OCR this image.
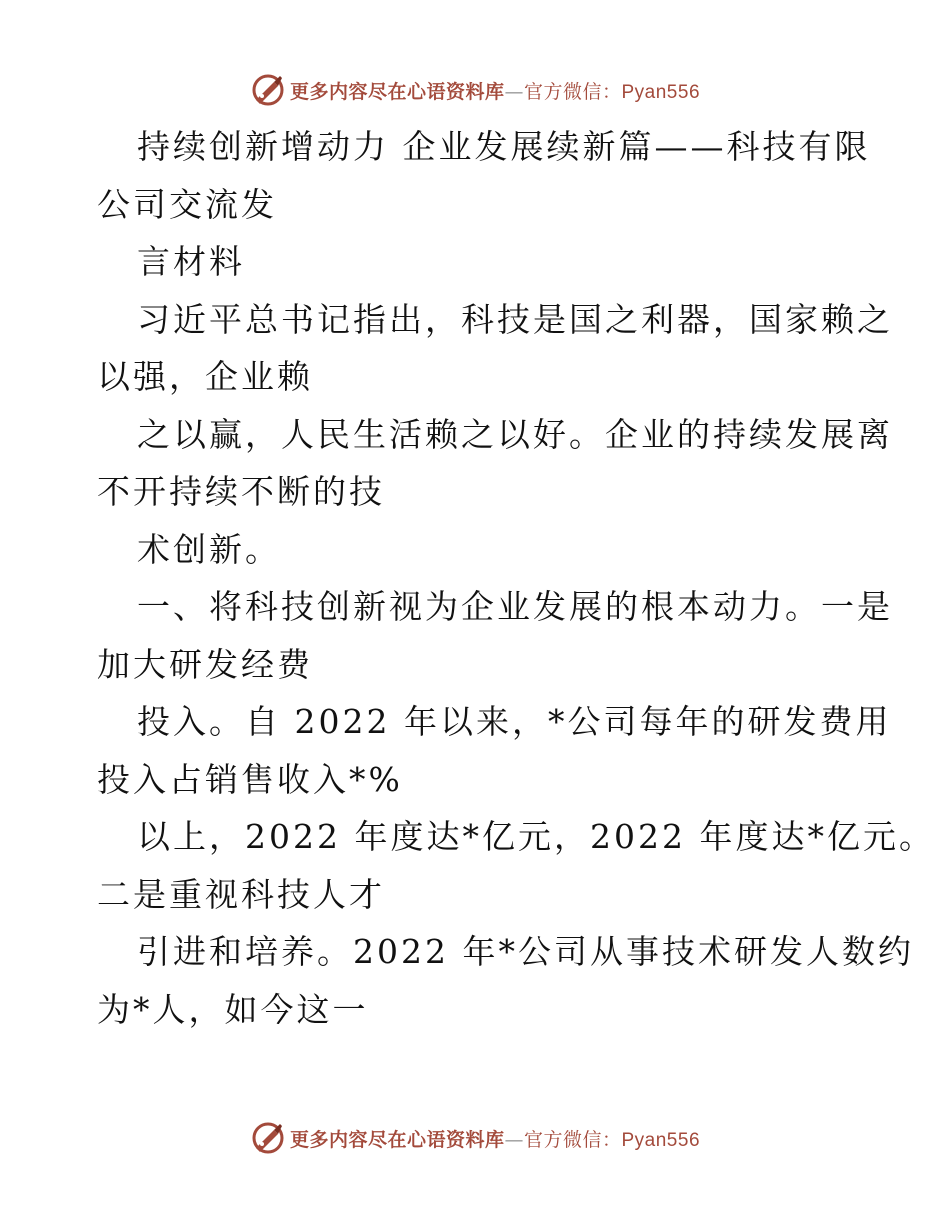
更多内容尽在心语资料库—官方微信：Pyan556
持续创新增动力 企业发展续新篇——科技有限
公司交流发
言材料
习近平总书记指出，科技是国之利器，国家赖之
以强，企业赖
之以赢，人民生活赖之以好。企业的持续发展离
不开持续不断的技
术创新。
一、将科技创新视为企业发展的根本动力。一是
加大研发经费
投入。自 2022 年以来，*公司每年的研发费用
投入占销售收入*%
以上，2022 年度达*亿元，2022 年度达*亿元。
二是重视科技人才
引进和培养。2022 年*公司从事技术研发人数约
为*人，如今这一
更多内容尽在心语资料库—官方微信：Pyan556
